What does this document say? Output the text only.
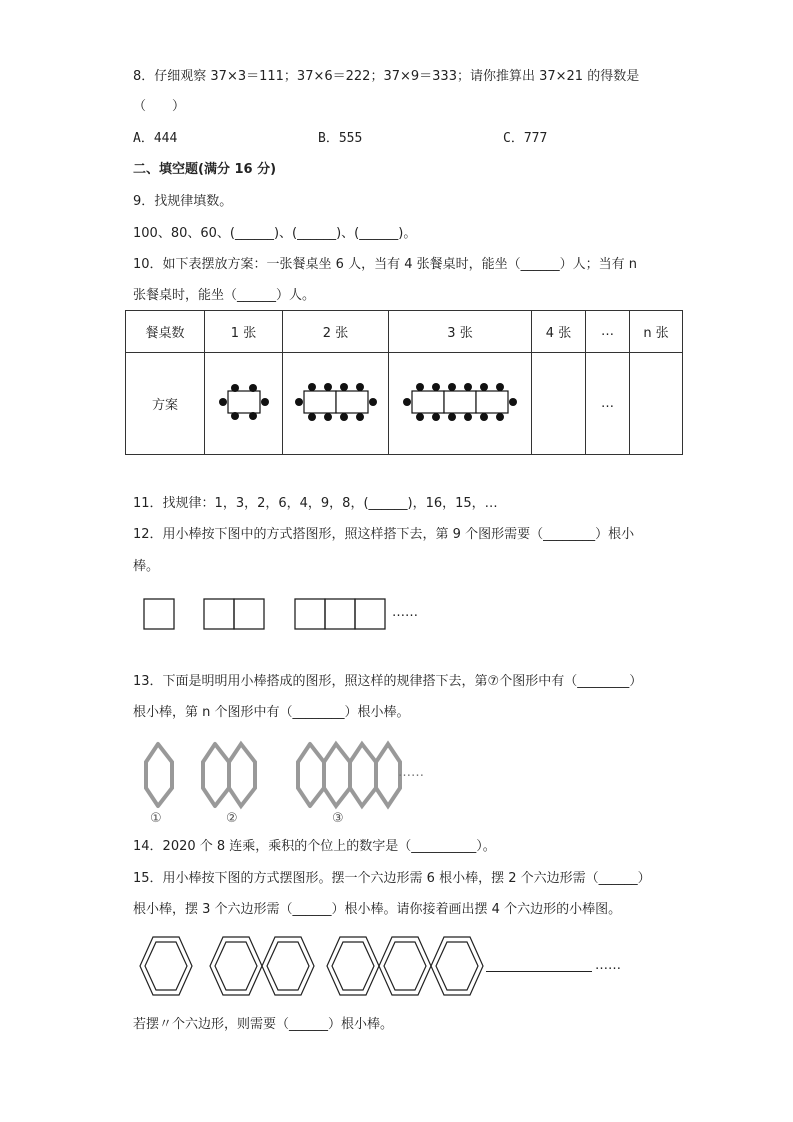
8．仔细观察 37×3＝111；37×6＝222；37×9＝333；请你推算出 37×21 的得数是
（　　）
A．444	B．555	C．777
二、填空题(满分 16 分)
9．找规律填数。
100、80、60、(______)、(______)、(______)。
10．如下表摆放方案：一张餐桌坐 6 人，当有 4 张餐桌时，能坐（______）人；当有 n
张餐桌时，能坐（______）人。
餐桌数	1 张	2 张	3 张	4 张	…	n 张
方案					…	
11．找规律：1，3，2，6，4，9，8，(______)，16，15，…
12．用小棒按下图中的方式搭图形，照这样搭下去，第 9 个图形需要（________）根小
棒。
……
13．下面是明明用小棒搭成的图形，照这样的规律搭下去，第⑦个图形中有（________）
根小棒，第 n 个图形中有（________）根小棒。
……
①	②	③
14．2020 个 8 连乘，乘积的个位上的数字是（__________）。
15．用小棒按下图的方式摆图形。摆一个六边形需 6 根小棒，摆 2 个六边形需（______）
根小棒，摆 3 个六边形需（______）根小棒。请你接着画出摆 4 个六边形的小棒图。
……
若摆〃个六边形，则需要（______）根小棒。
